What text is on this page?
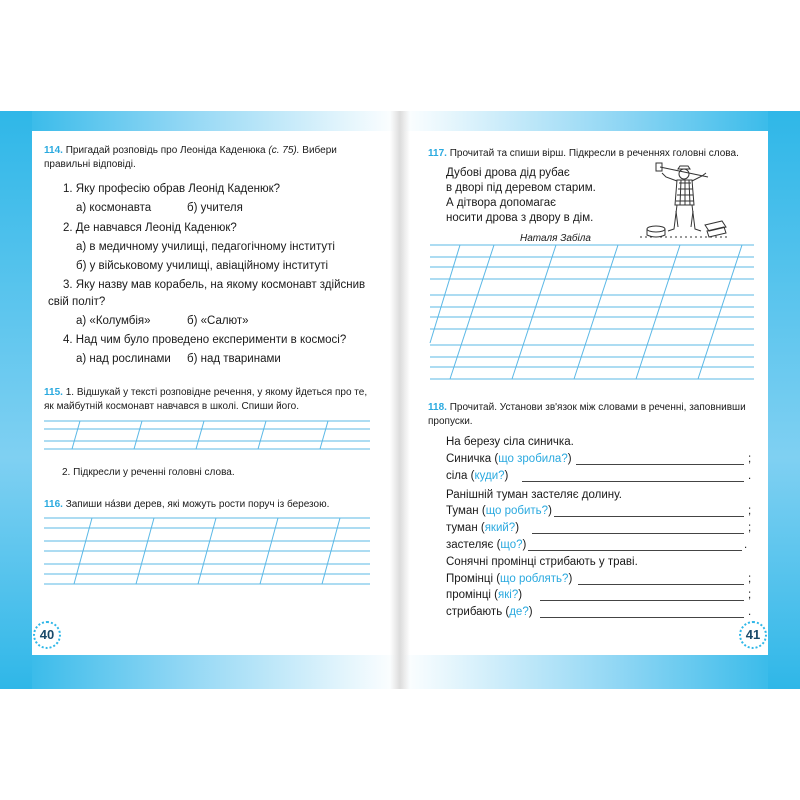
114. Пригадай розповідь про Леоніда Каденюка (с. 75). Вибери
правильні відповіді.
1. Яку професію обрав Леонід Каденюк?
а) космонавта	б) учителя
2. Де навчався Леонід Каденюк?
а) в медичному училищі, педагогічному інституті
б) у військовому училищі, авіаційному інституті
3. Яку назву мав корабель, на якому космонавт здійснив
свій політ?
а) «Колумбія»	б) «Салют»
4. Над чим було проведено експерименти в космосі?
а) над рослинами б) над тваринами
115. 1. Відшукай у тексті розповідне речення, у якому йдеться про те,
як майбутній космонавт навчався в школі. Спиши його.
2. Підкресли у реченні головні слова.
116. Запиши на́зви дерев, які можуть рости поруч із березою.
40
117. Прочитай та спиши вірш. Підкресли в реченнях головні слова.
Дубові дрова дід рубає
в дворі під деревом старим.
А дітвора допомагає
носити дрова з двору в дім.
Наталя Забіла
118. Прочитай. Установи зв'язок між словами в реченні, заповнивши
пропуски.
На березу сіла синичка.
Синичка (що зробила?)	;
сіла (куди?)	.
Ранішній туман застеляє долину.
Туман (що робить?)	;
туман (який?)	;
застеляє (що?)	.
Сонячні промінці стрибають у траві.
Промінці (що роблять?)	;
промінці (які?)	;
стрибають (де?)	.
41
